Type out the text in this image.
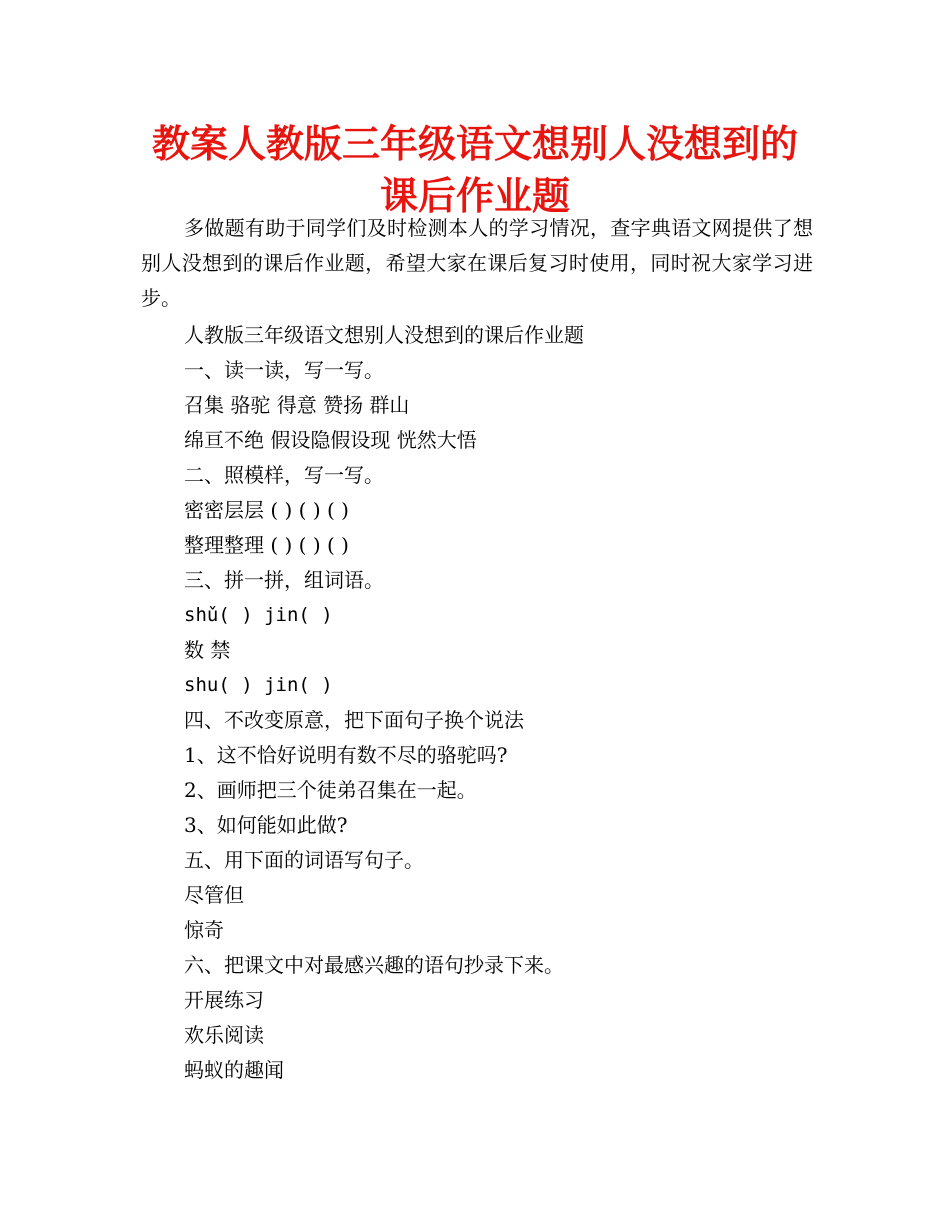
教案人教版三年级语文想别人没想到的课后作业题

多做题有助于同学们及时检测本人的学习情况，查字典语文网提供了想别人没想到的课后作业题，希望大家在课后复习时使用，同时祝大家学习进步。

人教版三年级语文想别人没想到的课后作业题
一、读一读，写一写。
召集 骆驼 得意 赞扬 群山
绵亘不绝 假设隐假设现 恍然大悟
二、照模样，写一写。
密密层层 ( ) ( ) ( )
整理整理 ( ) ( ) ( )
三、拼一拼，组词语。
shǔ( ) jin( )
数 禁
shu( ) jin( )
四、不改变原意，把下面句子换个说法
1、这不恰好说明有数不尽的骆驼吗?
2、画师把三个徒弟召集在一起。
3、如何能如此做?
五、用下面的词语写句子。
尽管但
惊奇
六、把课文中对最感兴趣的语句抄录下来。
开展练习
欢乐阅读
蚂蚁的趣闻
